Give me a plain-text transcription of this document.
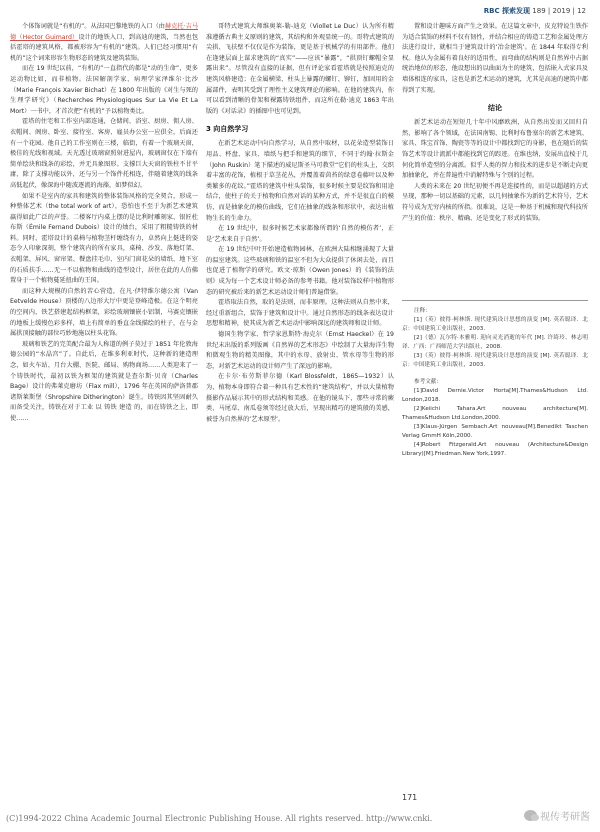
RBC 探索发现 189 | 2019 | 12

个体饰词就是“有机的”。从法国巴黎地铁的入口（由赫克托·吉马德（Hector Guimard）设计的地铁入口，到高迪的建筑，当然也包括霍塔的建筑风格，都被形容为“有机的”建筑。人们已经习惯用“有机的”这个词来形容生物形态的建筑及建筑装饰。

而在 19 世纪以前，“有机的”一直指代的都是“动的生命”，更多运动物比如，而非植物。法国解剖学家、病理学家泽维尔·比沙（Marie François Xavier Bichat）在 1800 年出版的《对生与死的生理学研究》（Recherches Physiologiques Sur La Vie Et La Mort）一书中，才首次把“有机的”予以植物类比。

霍塔的住宅和工作室内部连通，仓储间、浴室、厨房、佣人房、衣帽间、阁房、卧室、接待室、客房、雇员办公室一应俱全，后面还有一个花园。他自己的工作室则在三楼，临街，有着一个玻璃天窗，极佳的光线和视域。天光透过玻璃窗照射进屋内，玻璃窗仅在下端有简单绘块和线条的彩绘，并无具象图形。支撑巨大天窗的铁柱不甘平庸，除了支撑功能以外，还与另一个饰件托相连，伴随着建筑的线条高低起伏，像深海中随波逐流的海藻，如梦似幻。

如果不是室内的家具和建筑的整体装饰风格的完全契合，形成一种整体艺术（the total work of art），恐怕也不至于为新艺术建筑赢得如此广泛的声誉。二楼客厅内桌上摆的是比利时雕刻家、银匠杜布斯（Émile Fernand Dubois）设计的烛台，采用了粗糙铸铁的材料。同时，霍塔设计的桌椅与植物茎杆缠绕有力，卓然向上挺进的姿态令人印象深刻，整个建筑内的所有家具，桌椅、沙发、落地灯架、衣帽架、屏风、窗帘架、餐盘挂毛巾、室内门窗花朵的墙纸、地下室的石质扶手……无一不以植物和曲线的造型设计，居住在此的人仿佛置身于一个植物蔓延扭曲的王国。

而这种大规模的自然的苦心营造，在凡·伊特维尔德公寓（Van Eetvelde House）顶楼的八边形大厅中更是登峰造极。在这个明亮的空间内，铁艺搭建起结构框架，彩绘玻璃镶嵌小铝制，马赛克镶嵌的地板上缓慢色彩多样，墙上有简单的垂直金线描绘的柱子，在与金属拱顶接触的部位巧妙地施以柱头花饰。

玻璃和铁艺的完美配合最为人称道的例子莫过于 1851 年伦敦海德公园的“水晶宫”了。自此后，在维多利亚时代，这种新的建造理念，如火车站、月台大棚、医院、邮局、购物商场……人类迎来了一个铸铁时代，最初以铁为框架的建筑就是查尔斯·贝奇（Charles Bage）设计的弗莱克磨坊（Flax mill），1796 年在英国的萨洛普郡诸斯莱斯堡（Shropshire Ditherington）诞生。铸铁因其坚固耐久而备受关注，铸铁在对于工业 以 铸铁 建造 的，而在铸铁之上，即使……

哥特式建筑大师维奥莱-勒-迪克（Viollet Le Duc）认为所有精准遵循古典主义原则的建筑，其结构和外观显统一的。哥特式建筑的尖拱、飞扶壁不仅仅是作为装饰，更是基于机械学的有用部件。他们在逢建层面上谋求建筑的“真实”——应该“暴露”，“拱顶钉螺帽全显露出来”。尽管没有直接的证据，但有评论家看霍塔就是按照迪克的建筑风格建造；在金属横梁、柱头上暴露的螺钉、铆钉，加固用的金属部件，表明其受到了理性主义建筑理论的影响。在他的建筑内，你可以看到清晰的骨架和裸露铸铁组件，而这所在勒·迪克 1863 年出版的《对话录》的插图中也可见到。

3 向自然学习

在新艺术运动中向自然学习，从自然中取材，以花朵造型装饰日用品、杯盘、家具、墙纸与把手和建筑的细节，不同于约翰·拉斯金（John Ruskin）笔下描述的威尼斯圣马可教堂“它们的柱头上，交织着丰富的花饰，植根于草茎花丛，并覆盖着茵苔的绿意卷藤叶以及种类繁多的花纹。”霍塔的建筑中柱头装饰，很多时候主要是纹饰和用途结合，使柱子的关于植物和自然对话的某种方式，并不是很直白的模仿，而是抽象化的模仿曲线，它们在抽象的线条和形状中，表达出植物生长的生命力。

在 19 世纪中，很多时候艺术家都像所谓的‘自然的模仿者’，正是‘艺术来自于自然’。

在 19 世纪中叶开始建造植物园林，在欧洲大陆相继涌现了大量的温室建筑。这些玻璃和铁的温室不但为大众提供了休闲去处，而且也促进了植物学的研究。欧文·琼斯（Owen Jones）的《装饰的法则》成为每一个艺术设计师必备的参考书籍。他对装饰纹样中植物形态的研究被后来的新艺术运动设计师们普遍借鉴。

霍塔取法自然，取的是法则，而非原理。这种法则从自然中来，经过重新组合，装饰于建筑和设计中。通过自然形态的线条表达设计思想和精神，使其成为新艺术运动中影响深远的建筑师和设计师。

德国生物学家、哲学家恩斯特·海克尔（Ernst Haeckel）在 19 世纪末出版的系列版画《自然界的艺术形态》中绘制了大量海洋生物和微观生物的精美图像，其中的水母、放射虫、管水母等生物的形态，对新艺术运动的设计师产生了深远的影响。

在卡尔·布劳斯菲尔德（Karl Blossfeldt，1865—1932）认为，植物本身即符合着一种具有艺术性的“建筑结构”，并以大量植物摄影作品展示其中的形式结构和美感。在他的镜头下，那些寻常的蕨类、马尾草、南瓜卷须等经过放大后，呈现出精巧的建筑般的美感，被誉为自然界的‘艺术原型’。

置和设计趣味方面产生之效果。在这篇文章中，皮克特说生铁作为适合装饰的材料不仅有韧性，并结合相应的铸造工艺和金属处理方法进行设计，就相当于建筑设计的‘冶金建筑’。在 1844 年取得专利权。他认为金属有着良好的适用性，而弯曲的结构则是自然界中占据统治地位的形态，他设想出的以曲面为主的建筑，包括嵌入式家具及墙体相连的家具，这也是新艺术运动的建筑，尤其是高迪的建筑中都得到了实现。

结论

新艺术运动在短短几十年中风靡欧洲，从自然出发而又回归自然，影响了各个领域，在法国南锡、比利时布鲁塞尔的新艺术建筑、家具、珠宝首饰、陶瓷等等的设计中都找到它的身影，也在随后的装饰艺术等设计流派中都能找到它的踪迹。在维也纳，发展出直棱于几何化简单造型的分离派。似乎人类的智力和技术的进步是不断走向更加抽象化，并在普遍性中消解特殊与个别的过程。

人类的未来在 20 世纪初便不再是连接性的，而是以超越的方式呈现，那种一切以基础的元素，以几何抽象作为新的艺术符号，艺术符号成为无穷内核的所指。很难说，这是一种基于机械和现代科技所产生的价值：秩序、精确、还是变化了形式的装饰。

注释：

[1]（英）彼得·柯林斯. 现代建筑设计思想的演变 [M]. 英若聪译．北京：中国建筑工业出版社，2003.

[2]（德）瓦尔特·本雅明. 迎向灵光消逝的年代 [M]. 许绮玲、林志明译．广西：广西师范大学出版社，2008.

[3]（英）彼得·柯林斯. 现代建筑设计思想的演变 [M]. 英若聪译．北京：中国建筑工业出版社，2003.

参考文献：

[1]David Dernie.Victor Horta[M].Thames&Hudson Ltd. London,2018.

[2]Keiichi Tahara.Art nouveau architecture[M]. Thames&Hudson Ltd.London,2000.

[3]Klaus-Jürgen Sembach.Art nouveau[M].Benedikt Taschen Verlag GmmH Köln,2000.

[4]Robert Fitzgerald.Art nouveau (Architecture&Design Library)[M].Friedman.New York,1997.

171
(C)1994-2022 China Academic Journal Electronic Publishing House. All rights reserved. http://www.cnki.	视传考研酱
